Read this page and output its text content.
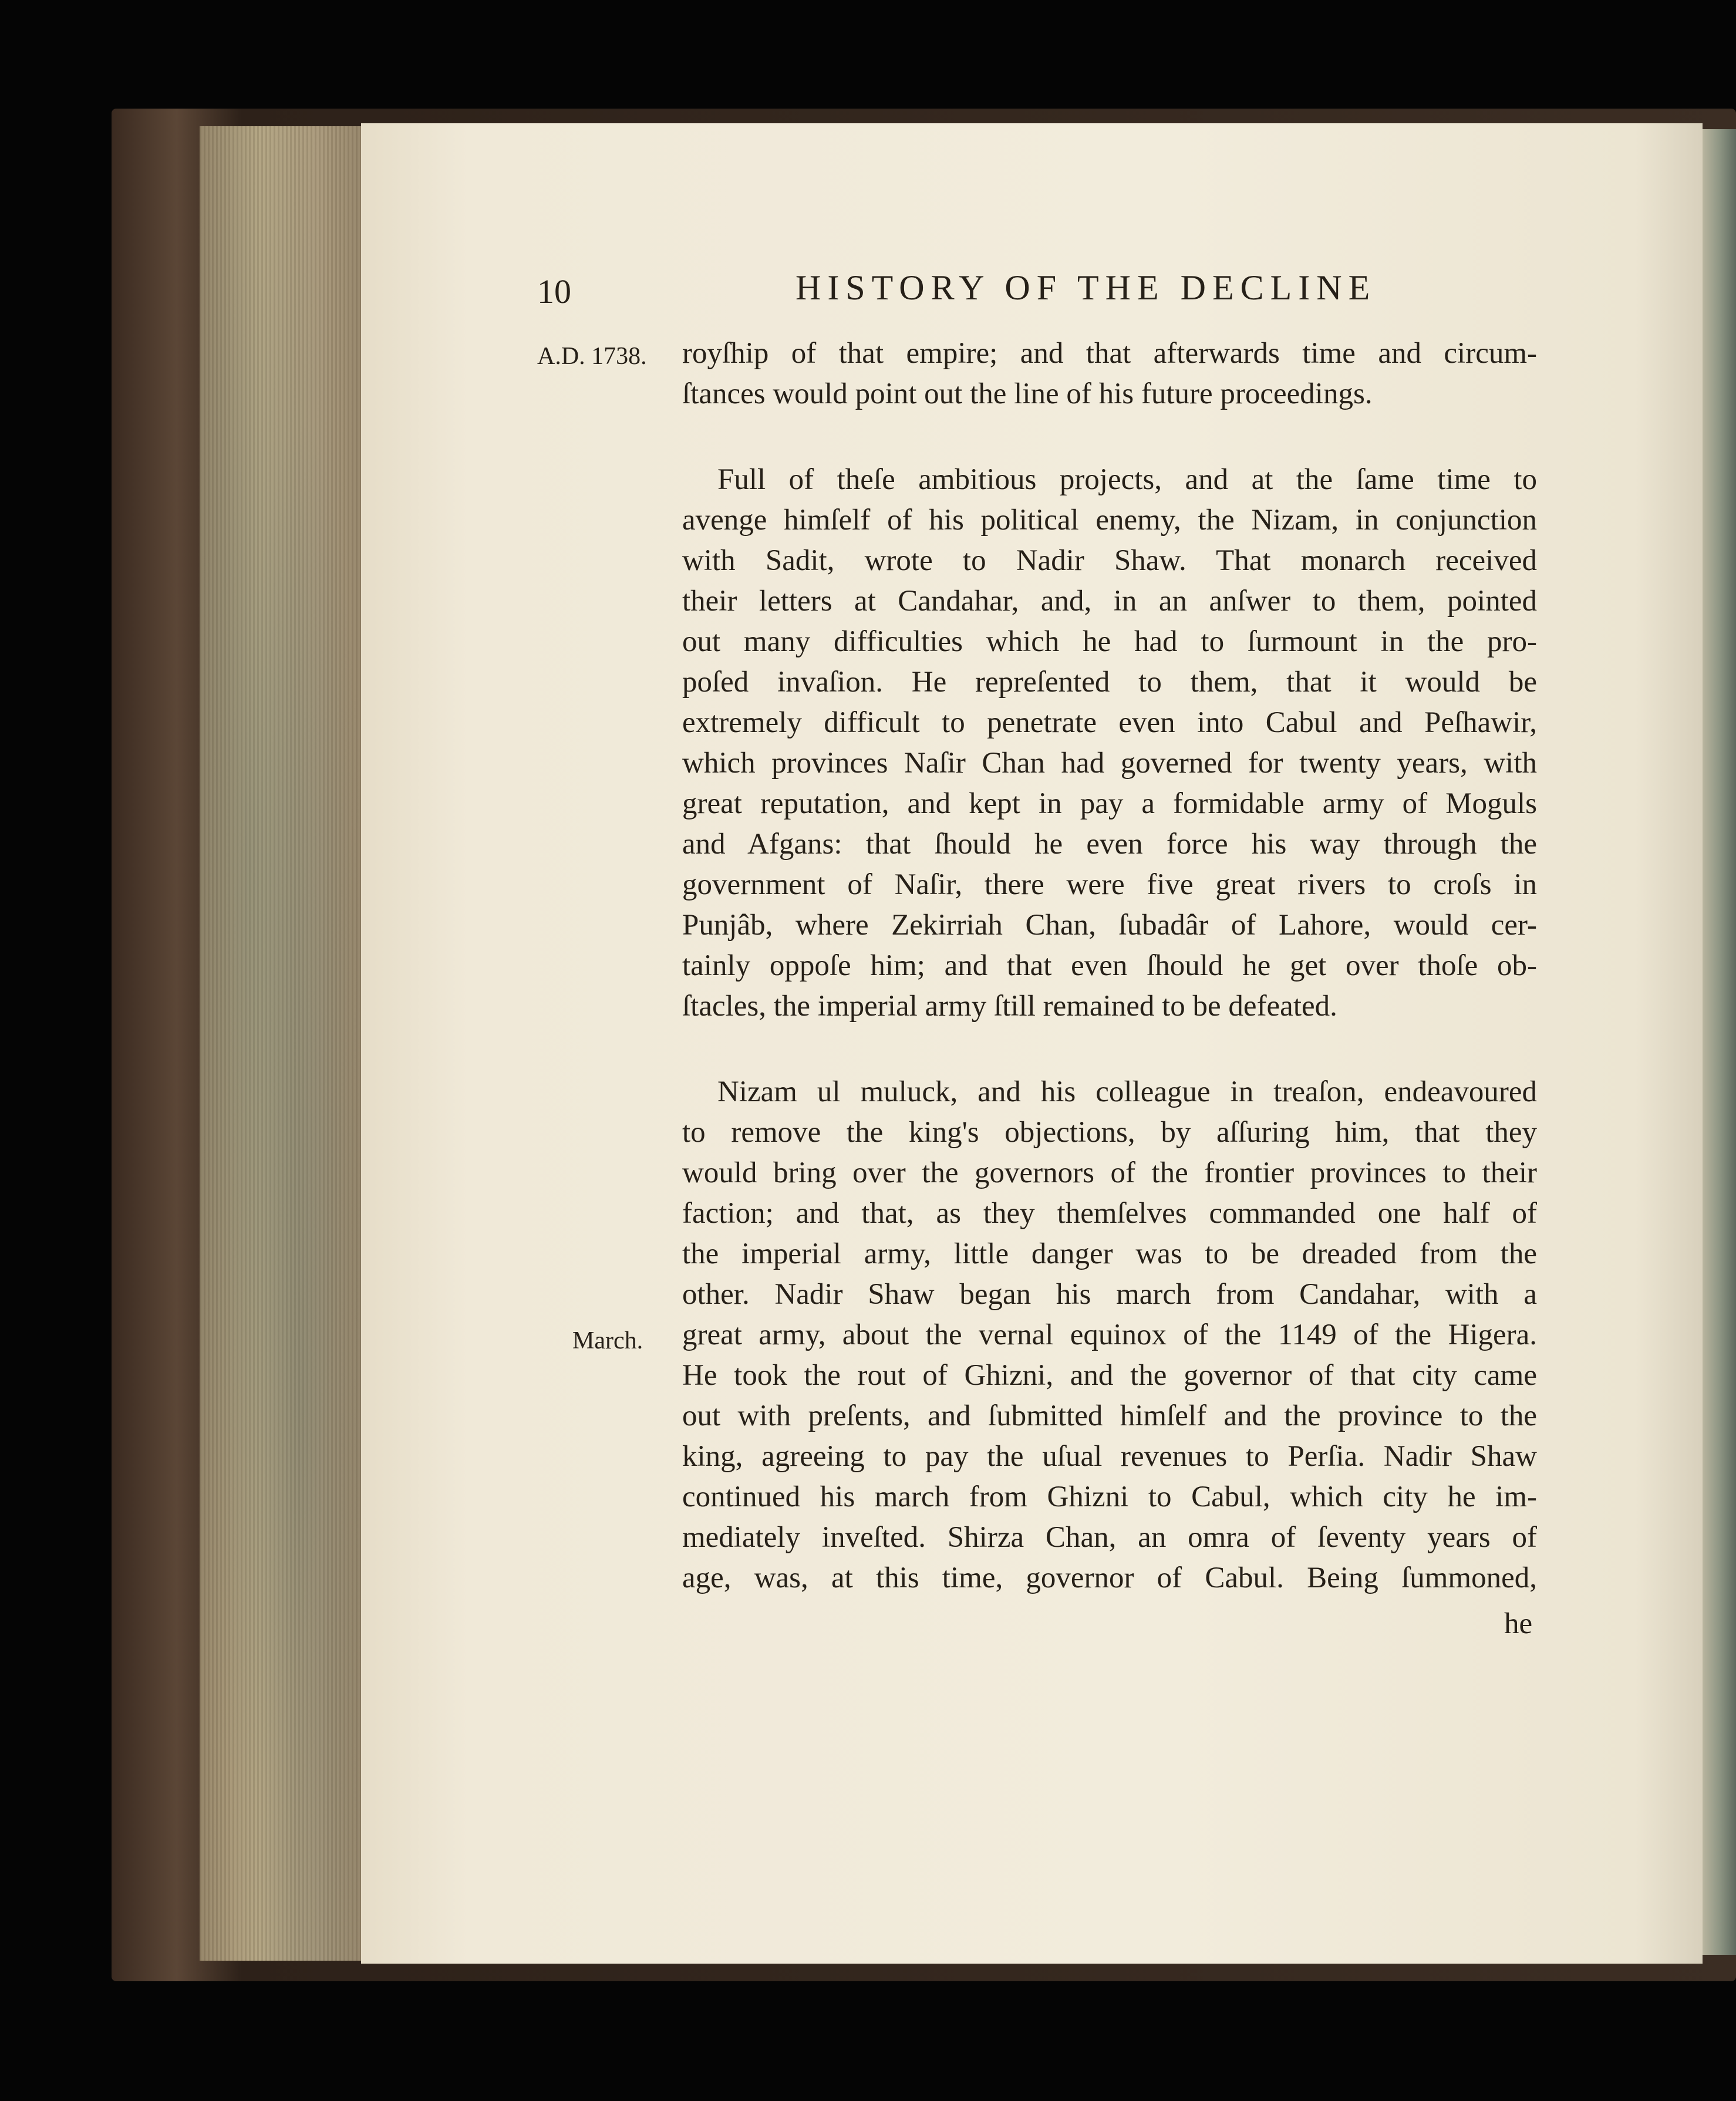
10	HISTORY OF THE DECLINE
A.D. 1738.
March.
royſhip of that empire; and that afterwards time and circum-
ſtances would point out the line of his future proceedings.
Full of theſe ambitious projects, and at the ſame time to
avenge himſelf of his political enemy, the Nizam, in conjunction
with Sadit, wrote to Nadir Shaw. That monarch received
their letters at Candahar, and, in an anſwer to them, pointed
out many difficulties which he had to ſurmount in the pro-
poſed invaſion. He repreſented to them, that it would be
extremely difficult to penetrate even into Cabul and Peſhawir,
which provinces Naſir Chan had governed for twenty years, with
great reputation, and kept in pay a formidable army of Moguls
and Afgans: that ſhould he even force his way through the
government of Naſir, there were five great rivers to croſs in
Punjâb, where Zekirriah Chan, ſubadâr of Lahore, would cer-
tainly oppoſe him; and that even ſhould he get over thoſe ob-
ſtacles, the imperial army ſtill remained to be defeated.
Nizam ul muluck, and his colleague in treaſon, endeavoured
to remove the king's objections, by aſſuring him, that they
would bring over the governors of the frontier provinces to their
faction; and that, as they themſelves commanded one half of
the imperial army, little danger was to be dreaded from the
other. Nadir Shaw began his march from Candahar, with a
great army, about the vernal equinox of the 1149 of the Higera.
He took the rout of Ghizni, and the governor of that city came
out with preſents, and ſubmitted himſelf and the province to the
king, agreeing to pay the uſual revenues to Perſia. Nadir Shaw
continued his march from Ghizni to Cabul, which city he im-
mediately inveſted. Shirza Chan, an omra of ſeventy years of
age, was, at this time, governor of Cabul. Being ſummoned,
he
